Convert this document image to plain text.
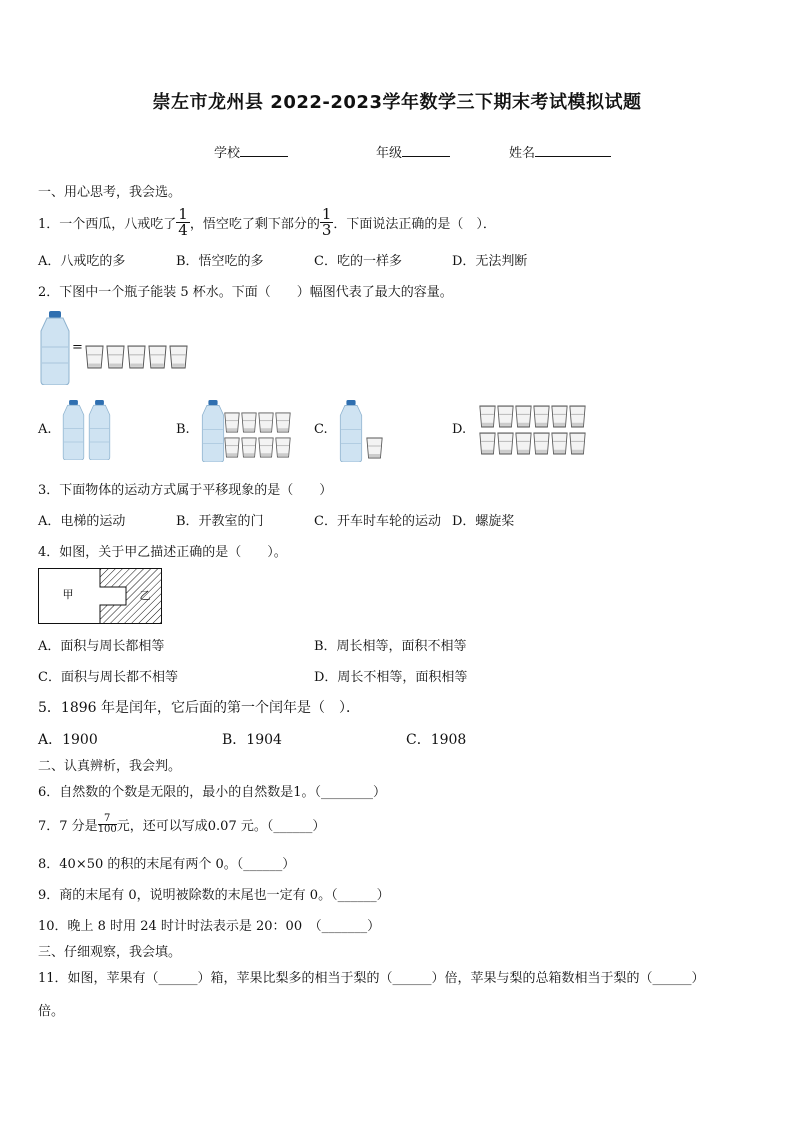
崇左市龙州县 2022-2023学年数学三下期末考试模拟试题
学校	年级	姓名
一、用心思考，我会选。
1．一个西瓜，八戒吃了 $\frac{1}{4}$ ，悟空吃了剩下部分的 $\frac{1}{3}$ ．下面说法正确的是（　）．
A．八戒吃的多	B．悟空吃的多	C．吃的一样多	D．无法判断
2．下图中一个瓶子能装 5 杯水。下面（　　）幅图代表了最大的容量。
=
A.	B.	C.	D.
3．下面物体的运动方式属于平移现象的是（　　）
A．电梯的运动	B．开教室的门	C．开车时车轮的运动 D．螺旋桨
4．如图，关于甲乙描述正确的是（　　）。
甲	乙
A．面积与周长都相等	B．周长相等，面积不相等
C．面积与周长都不相等	D．周长不相等，面积相等
5．1896 年是闰年，它后面的第一个闰年是（　）．
A．1900	B．1904	C．1908
二、认真辨析，我会判。
6．自然数的个数是无限的，最小的自然数是1。（________）
7．7 分是 $\frac{7}{100}$ 元，还可以写成0.07 元。（______）
8．40×50 的积的末尾有两个 0。（______）
9．商的末尾有 0，说明被除数的末尾也一定有 0。（______）
10．晚上 8 时用 24 时计时法表示是 20：00　（_______）
三、仔细观察，我会填。
11．如图，苹果有（______）箱，苹果比梨多的相当于梨的（______）倍，苹果与梨的总箱数相当于梨的（______）
倍。
